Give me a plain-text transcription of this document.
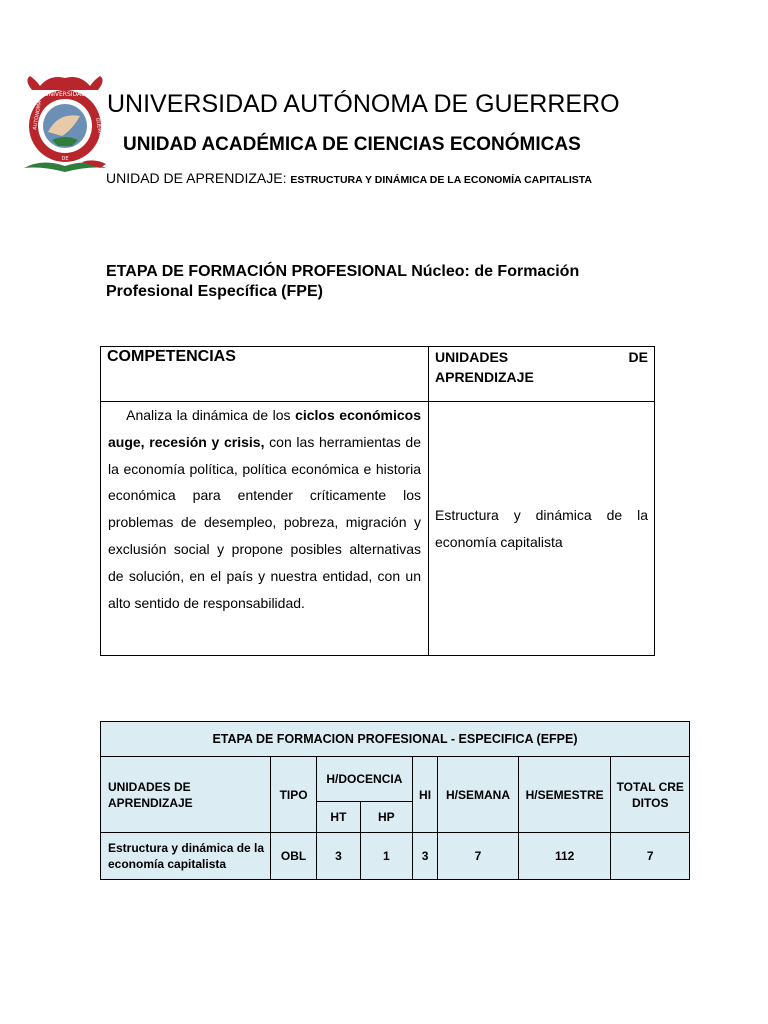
UNIVERSIDAD
AUTÓNOMA
GUERRERO
DE
UNIVERSIDAD AUTÓNOMA DE GUERRERO
UNIDAD ACADÉMICA DE CIENCIAS ECONÓMICAS
UNIDAD DE APRENDIZAJE: ESTRUCTURA Y DINÁMICA DE LA ECONOMÍA CAPITALISTA
ETAPA DE FORMACIÓN PROFESIONAL Núcleo: de Formación
Profesional Específica (FPE)
COMPETENCIAS	UNIDADES DE
APRENDIZAJE

Analiza la dinámica de los ciclos económicos auge, recesión y crisis, con las herramientas de la economía política, política económica e historia económica para entender críticamente los problemas de desempleo, pobreza, migración y exclusión social y propone posibles alternativas de solución, en el país y nuestra entidad, con un alto sentido de responsabilidad.	Estructura y dinámica de la economía capitalista
ETAPA DE FORMACION PROFESIONAL - ESPECIFICA (EFPE)							
UNIDADES DE APRENDIZAJE	TIPO	H/DOCENCIA		HI	H/SEMANA	H/SEMESTRE	TOTAL CREDITOS
		HT	HP				
Estructura y dinámica de la economía capitalista	OBL	3	1	3	7	112	7
